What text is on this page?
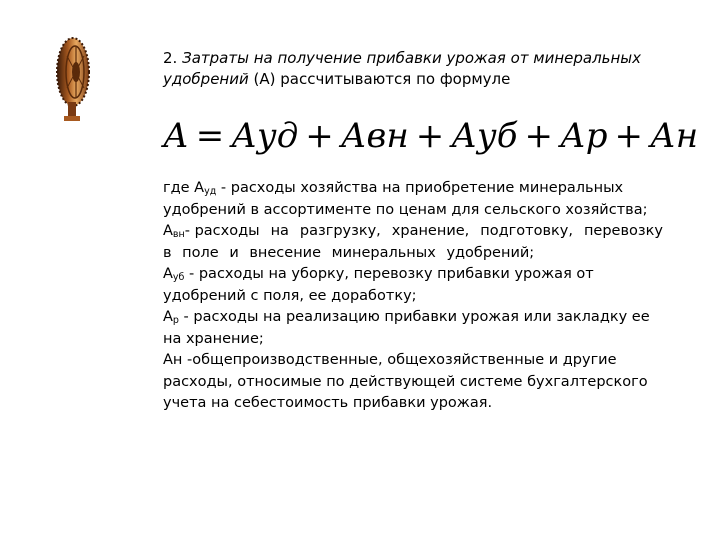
2. Затраты на получение прибавки урожая от минеральных
удобрений (А) рассчитываются по формуле
А = Ауд + Авн + Ауб + Ар + Ан
где $А_{уд}$ - расходы хозяйства на приобретение минеральных
удобрений в ассортименте по ценам для сельского хозяйства;
$А_{вн}-$ расходы на разгрузку, хранение, подготовку, перевозку
в поле и внесение минеральных удобрений;
$А_{уб}$ - расходы на уборку, перевозку прибавки урожая от
удобрений с поля, ее доработку;
$А_р$ - расходы на реализацию прибавки урожая или закладку ее
на хранение;
Ан -общепроизводственные, общехозяйственные и другие
расходы, относимые по действующей системе бухгалтерского
учета на себестоимость прибавки урожая.
